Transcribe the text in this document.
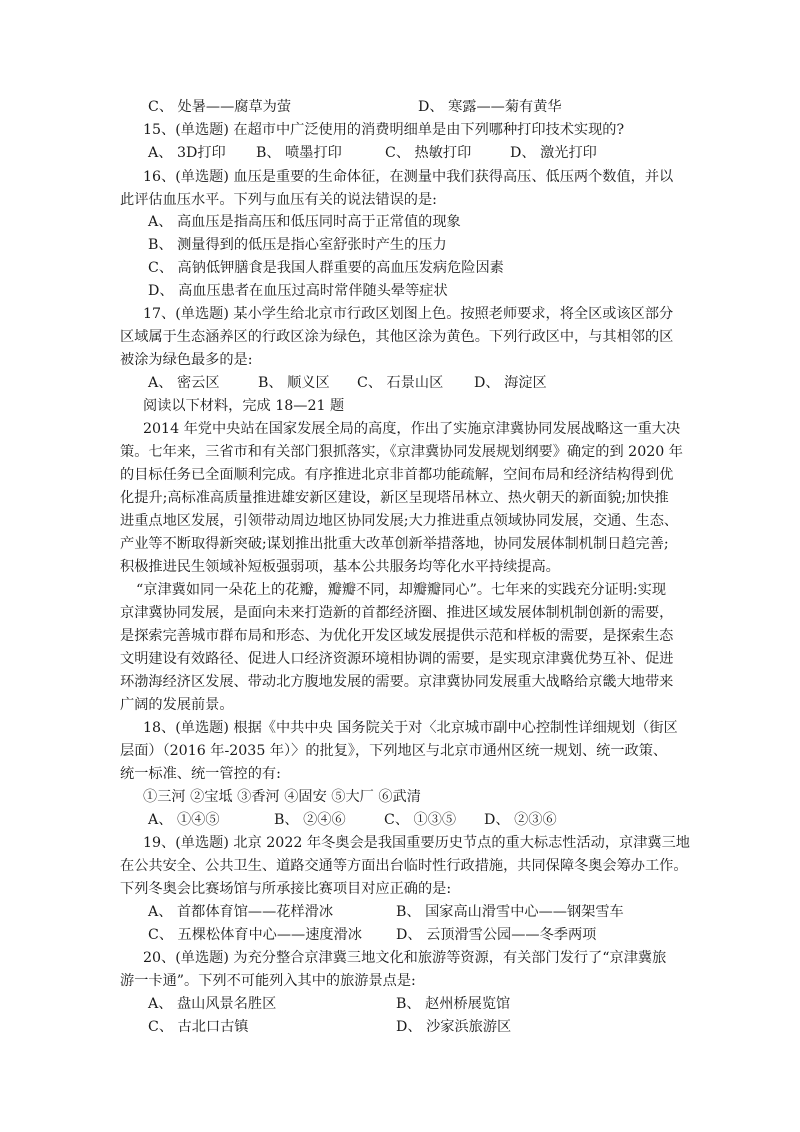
C、 处暑——腐草为萤	D、 寒露——菊有黄华
15、(单选题) 在超市中广泛使用的消费明细单是由下列哪种打印技术实现的?
A、 3D打印 B、 喷墨打印	C、 热敏打印	D、 激光打印
16、(单选题) 血压是重要的生命体征，在测量中我们获得高压、低压两个数值，并以
此评估血压水平。下列与血压有关的说法错误的是:
A、 高血压是指高压和低压同时高于正常值的现象
B、 测量得到的低压是指心室舒张时产生的压力
C、 高钠低钾膳食是我国人群重要的高血压发病危险因素
D、 高血压患者在血压过高时常伴随头晕等症状
17、(单选题) 某小学生给北京市行政区划图上色。按照老师要求，将全区或该区部分
区域属于生态涵养区的行政区涂为绿色，其他区涂为黄色。下列行政区中，与其相邻的区
被涂为绿色最多的是:
A、 密云区	B、 顺义区 C、 石景山区 D、 海淀区
阅读以下材料，完成 18—21 题
2014 年党中央站在国家发展全局的高度，作出了实施京津冀协同发展战略这一重大决
策。七年来，三省市和有关部门狠抓落实，《京津冀协同发展规划纲要》确定的到 2020 年
的目标任务已全面顺利完成。有序推进北京非首都功能疏解，空间布局和经济结构得到优
化提升;高标准高质量推进雄安新区建设，新区呈现塔吊林立、热火朝天的新面貌;加快推
进重点地区发展，引领带动周边地区协同发展;大力推进重点领域协同发展，交通、生态、
产业等不断取得新突破;谋划推出批重大改革创新举措落地，协同发展体制机制日趋完善;
积极推进民生领域补短板强弱项，基本公共服务均等化水平持续提高。
“京津冀如同一朵花上的花瓣，瓣瓣不同，却瓣瓣同心”。七年来的实践充分证明:实现
京津冀协同发展，是面向未来打造新的首都经济圈、推进区域发展体制机制创新的需要，
是探索完善城市群布局和形态、为优化开发区域发展提供示范和样板的需要，是探索生态
文明建设有效路径、促进人口经济资源环境相协调的需要，是实现京津冀优势互补、促进
环渤海经济区发展、带动北方腹地发展的需要。京津冀协同发展重大战略给京畿大地带来
广阔的发展前景。
18、(单选题) 根据《中共中央 国务院关于对〈北京城市副中心控制性详细规划（街区
层面）（2016 年-2035 年）〉的批复》，下列地区与北京市通州区统一规划、统一政策、
统一标准、统一管控的有:
①三河 ②宝坻 ③香河 ④固安 ⑤大厂 ⑥武清
A、 ①④⑤	B、 ②④⑥	C、 ①③⑤ D、 ②③⑥
19、(单选题) 北京 2022 年冬奥会是我国重要历史节点的重大标志性活动，京津冀三地
在公共安全、公共卫生、道路交通等方面出台临时性行政措施，共同保障冬奥会筹办工作。
下列冬奥会比赛场馆与所承接比赛项目对应正确的是:
A、 首都体育馆——花样滑冰	B、 国家高山滑雪中心——钢架雪车
C、 五棵松体育中心——速度滑冰 D、 云顶滑雪公园——冬季两项
20、(单选题) 为充分整合京津冀三地文化和旅游等资源，有关部门发行了“京津冀旅
游一卡通”。下列不可能列入其中的旅游景点是:
A、 盘山风景名胜区	B、 赵州桥展览馆
C、 古北口古镇	D、 沙家浜旅游区
